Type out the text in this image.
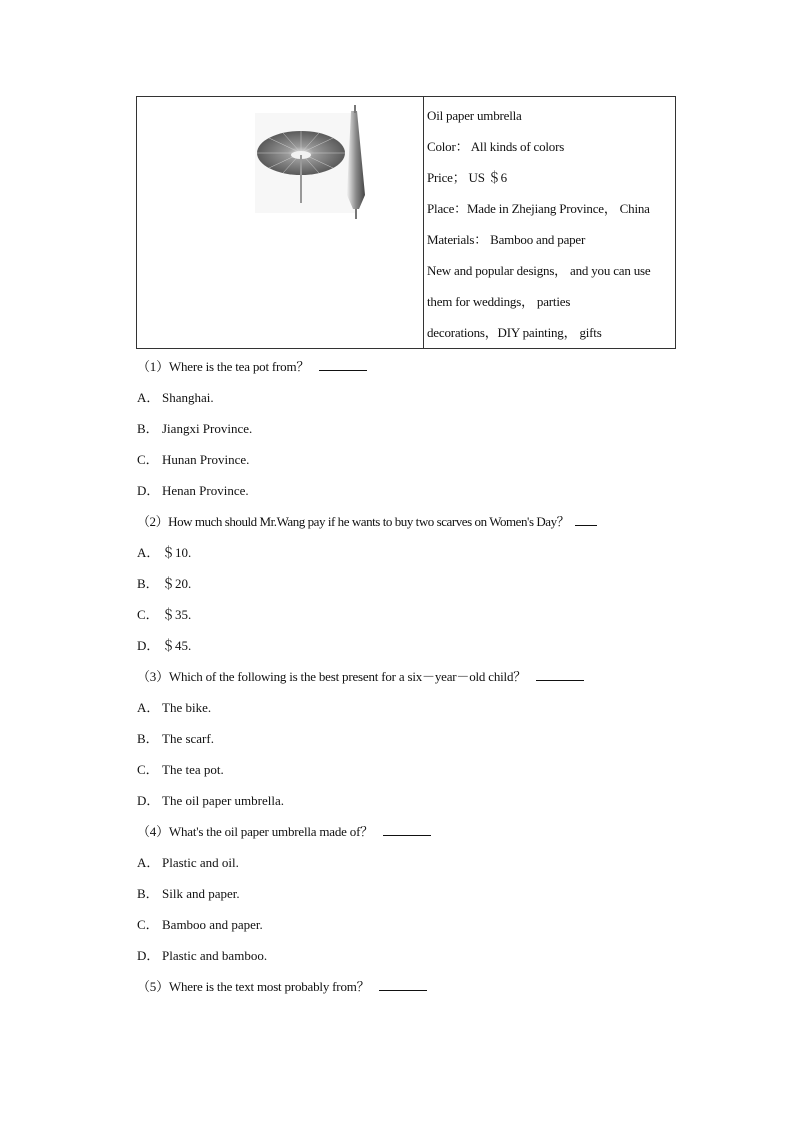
Oil paper umbrella
Color： All kinds of colors
Price； US ＄6
Place：Made in Zhejiang Province， China
Materials： Bamboo and paper
New and popular designs， and you can use
them for weddings， parties
decorations，DIY painting， gifts
（1）Where is the tea pot from？
A． Shanghai.
B． Jiangxi Province.
C． Hunan Province.
D． Henan Province.
（2）How much should Mr.Wang pay if he wants to buy two scarves on Women's Day？
A． ＄10.
B． ＄20.
C． ＄35.
D． ＄45.
（3）Which of the following is the best present for a six－year－old child？
A． The bike.
B． The scarf.
C． The tea pot.
D． The oil paper umbrella.
（4）What's the oil paper umbrella made of？
A． Plastic and oil.
B． Silk and paper.
C． Bamboo and paper.
D． Plastic and bamboo.
（5）Where is the text most probably from？
